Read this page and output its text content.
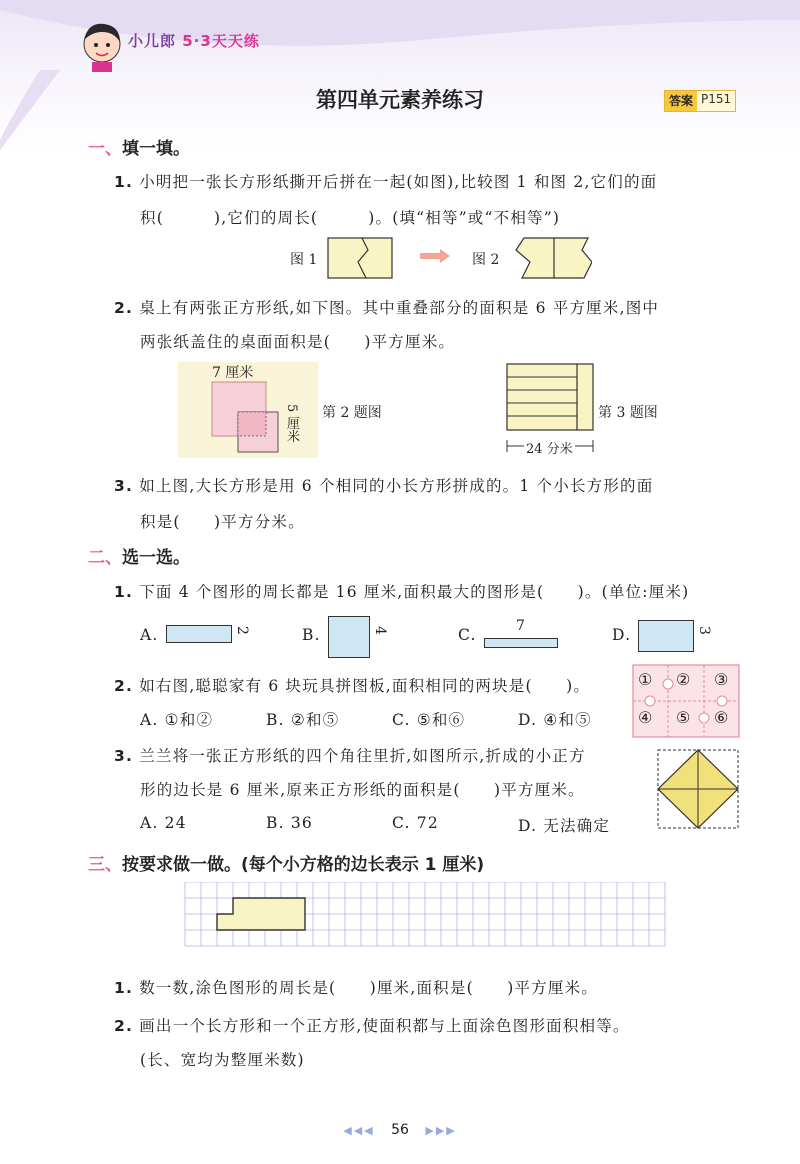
小儿郎 5·3天天练
第四单元素养练习	答案 P151
一、填一填。
1. 小明把一张长方形纸撕开后拼在一起(如图),比较图 1 和图 2,它们的面
积(　　　),它们的周长(　　　)。(填“相等”或“不相等”)
图 1	图 2
2. 桌上有两张正方形纸,如下图。其中重叠部分的面积是 6 平方厘米,图中
两张纸盖住的桌面面积是(　　)平方厘米。
7 厘米
5 厘米 第 2 题图
24 分米
第 3 题图
3. 如上图,大长方形是用 6 个相同的小长方形拼成的。1 个小长方形的面
积是(　　)平方分米。
二、选一选。
1. 下面 4 个图形的周长都是 16 厘米,面积最大的图形是(　　)。(单位:厘米)
A.	2	B.	4	C.	7	D.	3
2. 如右图,聪聪家有 6 块玩具拼图板,面积相同的两块是(　　)。
A. ①和②	B. ②和⑤	C. ⑤和⑥	D. ④和⑤
① ② ③
④ ⑤ ⑥
3. 兰兰将一张正方形纸的四个角往里折,如图所示,折成的小正方
形的边长是 6 厘米,原来正方形纸的面积是(　　)平方厘米。
A. 24	B. 36	C. 72	D. 无法确定
三、按要求做一做。(每个小方格的边长表示 1 厘米)
1. 数一数,涂色图形的周长是(　　)厘米,面积是(　　)平方厘米。
2. 画出一个长方形和一个正方形,使面积都与上面涂色图形面积相等。
(长、宽均为整厘米数)
◀◀◀ 56 ▶▶▶
